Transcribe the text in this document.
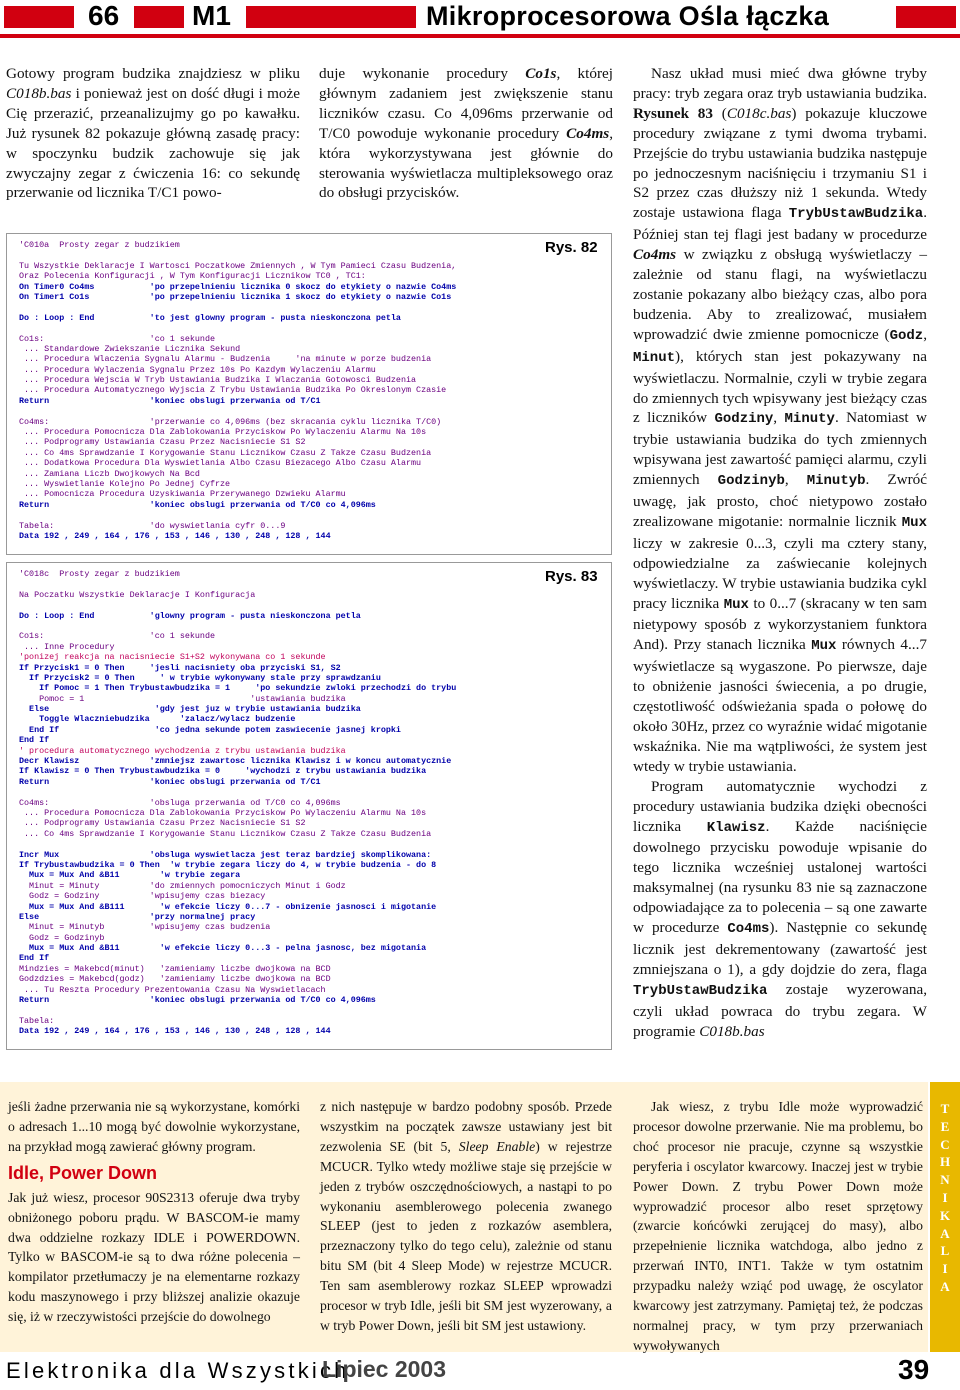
66	M1	Mikroprocesorowa Ośla łączka

Gotowy program budzika znajdziesz w pliku C018b.bas i ponieważ jest on dość długi i może Cię przerazić, przeanalizujmy go po kawałku. Już rysunek 82 pokazuje główną zasadę pracy: w spoczynku budzik zachowuje się jak zwyczajny zegar z ćwiczenia 16: co sekundę przerwanie od licznika T/C1 powo-

duje wykonanie procedury Co1s, której głównym zadaniem jest zwiększenie stanu liczników czasu. Co 4,096ms przerwanie od T/C0 powoduje wykonanie procedury Co4ms, która wykorzystywana jest głównie do sterowania wyświetlacza multipleksowego oraz do obsługi przycisków.

'C010a  Prosty zegar z budzikiem
Tu Wszystkie Deklaracje I Wartosci Poczatkowe Zmiennych , W Tym Pamieci Czasu Budzenia,
Oraz Polecenia Konfiguracji , W Tym Konfiguracji Licznikow TC0 , TC1:
On Timer0 Co4ms           'po przepelnieniu licznika 0 skocz do etykiety o nazwie Co4ms
On Timer1 Co1s            'po przepelnieniu licznika 1 skocz do etykiety o nazwie Co1s
Do : Loop : End           'to jest glowny program - pusta nieskonczona petla
Co1s:                     'co 1 sekunde
... Standardowe Zwiekszanie Licznika Sekund
... Procedura Wlaczenia Sygnalu Alarmu - Budzenia     'na minute w porze budzenia
... Procedura Wylaczenia Sygnalu Przez 10s Po Kazdym Wylaczeniu Alarmu
... Procedura Wejscia W Tryb Ustawiania Budzika I Wlaczania Gotowosci Budzenia
... Procedura Automatycznego Wyjscia Z Trybu Ustawiania Budzika Po Okreslonym Czasie
Return                    'koniec obslugi przerwania od T/C1
Co4ms:                    'przerwanie co 4,096ms (bez skracania cyklu licznika T/C0)
... Procedura Pomocnicza Dla Zablokowania Przyciskow Po Wylaczeniu Alarmu Na 10s
... Podprogramy Ustawiania Czasu Przez Nacisniecie S1 S2
... Co 4ms Sprawdzanie I Korygowanie Stanu Licznikow Czasu Z Takze Czasu Budzenia
... Dodatkowa Procedura Dla Wyswietlania Albo Czasu Biezacego Albo Czasu Alarmu
... Zamiana Liczb Dwojkowych Na Bcd
... Wyswietlanie Kolejno Po Jednej Cyfrze
... Pomocnicza Procedura Uzyskiwania Przerywanego Dzwieku Alarmu
Return                    'koniec obslugi przerwania od T/C0 co 4,096ms
Tabela:                   'do wyswietlania cyfr 0...9
Data 192 , 249 , 164 , 176 , 153 , 146 , 130 , 248 , 128 , 144
Rys. 82
'C018c  Prosty zegar z budzikiem
Na Poczatku Wszystkie Deklaracje I Konfiguracja
Do : Loop : End           'glowny program - pusta nieskonczona petla
Co1s:                     'co 1 sekunde
... Inne Procedury
'ponizej reakcja na nacisniecie S1+S2 wykonywana co 1 sekunde
If Przycisk1 = 0 Then     'jesli nacisniety oba przyciski S1, S2
If Przycisk2 = 0 Then     ' w trybie wykonywany stale przy sprawdzaniu
If Pomoc = 1 Then Trybustawbudzika = 1     'po sekundzie zwloki przechodzi do trybu
Pomoc = 1                                 'ustawiania budzika
Else                     'gdy jest juz w trybie ustawiania budzika
Toggle Wlaczniebudzika      'zalacz/wylacz budzenie
End If                   'co jedna sekunde potem zaswiecenie jasnej kropki
End If
' procedura automatycznego wychodzenia z trybu ustawiania budzika
Decr Klawisz              'zmniejsz zawartosc licznika Klawisz i w koncu automatycznie
If Klawisz = 0 Then Trybustawbudzika = 0     'wychodzi z trybu ustawiania budzika
Return                    'koniec obslugi przerwania od T/C1
Co4ms:                    'obsluga przerwania od T/C0 co 4,096ms
... Procedura Pomocnicza Dla Zablokowania Przyciskow Po Wylaczeniu Alarmu Na 10s
... Podprogramy Ustawiania Czasu Przez Nacisniecie S1 S2
... Co 4ms Sprawdzanie I Korygowanie Stanu Licznikow Czasu Z Takze Czasu Budzenia
Incr Mux                  'obsluga wyswietlacza jest teraz bardziej skomplikowana:
If Trybustawbudzika = 0 Then  'w trybie zegara liczy do 4, w trybie budzenia - do 8
Mux = Mux And &B11        'w trybie zegara
Minut = Minuty          'do zmiennych pomocniczych Minut i Godz
Godz = Godziny          'wpisujemy czas biezacy
Mux = Mux And &B111       'w efekcie liczy 0...7 - obnizenie jasnosci i migotanie
Else                      'przy normalnej pracy
Minut = Minutyb         'wpisujemy czas budzenia
Godz = Godzinyb
Mux = Mux And &B11        'w efekcie liczy 0...3 - pelna jasnosc, bez migotania
End If
Mindzies = Makebcd(minut)   'zamieniamy liczbe dwojkowa na BCD
Godzdzies = Makebcd(godz)   'zamieniamy liczbe dwojkowa na BCD
... Tu Reszta Procedury Prezentowania Czasu Na Wyswietlacach
Return                    'koniec obslugi przerwania od T/C0 co 4,096ms
Tabela:
Data 192 , 249 , 164 , 176 , 153 , 146 , 130 , 248 , 128 , 144
Rys. 83

Nasz układ musi mieć dwa główne tryby pracy: tryb zegara oraz tryb ustawiania budzika. Rysunek 83 (C018c.bas) pokazuje kluczowe procedury związane z tymi dwoma trybami. Przejście do trybu ustawiania budzika następuje po jednoczesnym naciśnięciu i trzymaniu S1 i S2 przez czas dłuższy niż 1 sekunda. Wtedy zostaje ustawiona flaga TrybUstawBudzika. Później stan tej flagi jest badany w procedurze Co4ms w związku z obsługą wyświetlaczy – zależnie od stanu flagi, na wyświetlaczu zostanie pokazany albo bieżący czas, albo pora budzenia. Aby to zrealizować, musiałem wprowadzić dwie zmienne pomocnicze (Godz, Minut), których stan jest pokazywany na wyświetlaczu. Normalnie, czyli w trybie zegara do zmiennych tych wpisywany jest bieżący czas z liczników Godziny, Minuty. Natomiast w trybie ustawiania budzika do tych zmiennych wpisywana jest zawartość pamięci alarmu, czyli zmiennych Godzinyb, Minutyb. Zwróć uwagę, jak prosto, choć nietypowo zostało zrealizowane migotanie: normalnie licznik Mux liczy w zakresie 0...3, czyli ma cztery stany, odpowiedzialne za zaświecanie kolejnych wyświetlaczy. W trybie ustawiania budzika cykl pracy licznika Mux to 0...7 (skracany w ten sam nietypowy sposób z wykorzystaniem funktora And). Przy stanach licznika Mux równych 4...7 wyświetlacze są wygaszone. Po pierwsze, daje to obniżenie jasności świecenia, a po drugie, częstotliwość odświeżania spada o połowę do około 30Hz, przez co wyraźnie widać migotanie wskaźnika. Nie ma wątpliwości, że system jest wtedy w trybie ustawiania.

Program automatycznie wychodzi z procedury ustawiania budzika dzięki obecności licznika Klawisz. Każde naciśnięcie dowolnego przycisku powoduje wpisanie do tego licznika wcześniej ustalonej wartości maksymalnej (na rysunku 83 nie są zaznaczone odpowiadające za to polecenia – są one zawarte w procedurze Co4ms). Następnie co sekundę licznik jest dekrementowany (zawartość jest zmniejszana o 1), a gdy dojdzie do zera, flaga TrybUstawBudzika zostaje wyzerowana, czyli układ powraca do trybu zegara. W programie C018b.bas

jeśli żadne przerwania nie są wykorzystane, komórki o adresach 1...10 mogą być dowolnie wykorzystane, na przykład mogą zawierać główny program.

Idle, Power Down

Jak już wiesz, procesor 90S2313 oferuje dwa tryby obniżonego poboru prądu. W BASCOM-ie mamy dwa oddzielne rozkazy IDLE i POWERDOWN. Tylko w BASCOM-ie są to dwa różne polecenia – kompilator przetłumaczy je na elementarne rozkazy kodu maszynowego i przy bliższej analizie okazuje się, iż w rzeczywistości przejście do dowolnego

z nich następuje w bardzo podobny sposób. Przede wszystkim na początek zawsze ustawiany jest bit zezwolenia SE (bit 5, Sleep Enable) w rejestrze MCUCR. Tylko wtedy możliwe staje się przejście w jeden z trybów oszczędnościowych, a nastąpi to po wykonaniu asemblerowego polecenia zwanego SLEEP (jest to jeden z rozkazów asemblera, przeznaczony tylko do tego celu), zależnie od stanu bitu SM (bit 4 Sleep Mode) w rejestrze MCUCR. Ten sam asemblerowy rozkaz SLEEP wprowadzi procesor w tryb Idle, jeśli bit SM jest wyzerowany, a w tryb Power Down, jeśli bit SM jest ustawiony.

Jak wiesz, z trybu Idle może wyprowadzić procesor dowolne przerwanie. Nie ma problemu, bo choć procesor nie pracuje, czynne są wszystkie peryferia i oscylator kwarcowy. Inaczej jest w trybie Power Down. Z trybu Power Down może wyprowadzić procesor albo reset sprzętowy (zwarcie końcówki zerującej do masy), albo przepełnienie licznika watchdoga, albo jedno z przerwań INT0, INT1. Także w tym ostatnim przypadku należy wziąć pod uwagę, że oscylator kwarcowy jest zatrzymany. Pamiętaj też, że podczas normalnej pracy, w tym przy przerwaniach wywoływanych

T
E
C
H
N
I
K
A
L
I
A
Elektronika dla Wszystkich
Lipiec 2003	39
